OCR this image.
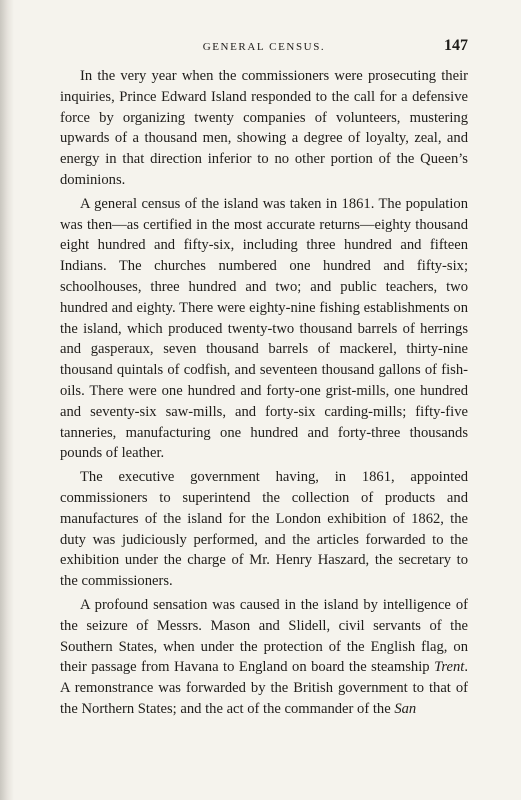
GENERAL CENSUS.	147

In the very year when the commissioners were prosecuting their inquiries, Prince Edward Island responded to the call for a defensive force by organizing twenty companies of volunteers, mustering upwards of a thousand men, showing a degree of loyalty, zeal, and energy in that direction inferior to no other portion of the Queen’s dominions.

A general census of the island was taken in 1861. The population was then—as certified in the most accurate returns—eighty thousand eight hundred and fifty-six, including three hundred and fifteen Indians. The churches numbered one hundred and fifty-six; schoolhouses, three hundred and two; and public teachers, two hundred and eighty. There were eighty-nine fishing establishments on the island, which produced twenty-two thousand barrels of herrings and gasperaux, seven thousand barrels of mackerel, thirty-nine thousand quintals of codfish, and seventeen thousand gallons of fish-oils. There were one hundred and forty-one grist-mills, one hundred and seventy-six saw-mills, and forty-six carding-mills; fifty-five tanneries, manufacturing one hundred and forty-three thousands pounds of leather.

The executive government having, in 1861, appointed commissioners to superintend the collection of products and manufactures of the island for the London exhibition of 1862, the duty was judiciously performed, and the articles forwarded to the exhibition under the charge of Mr. Henry Haszard, the secretary to the commissioners.

A profound sensation was caused in the island by intelligence of the seizure of Messrs. Mason and Slidell, civil servants of the Southern States, when under the protection of the English flag, on their passage from Havana to England on board the steamship Trent. A remonstrance was forwarded by the British government to that of the Northern States; and the act of the commander of the San
